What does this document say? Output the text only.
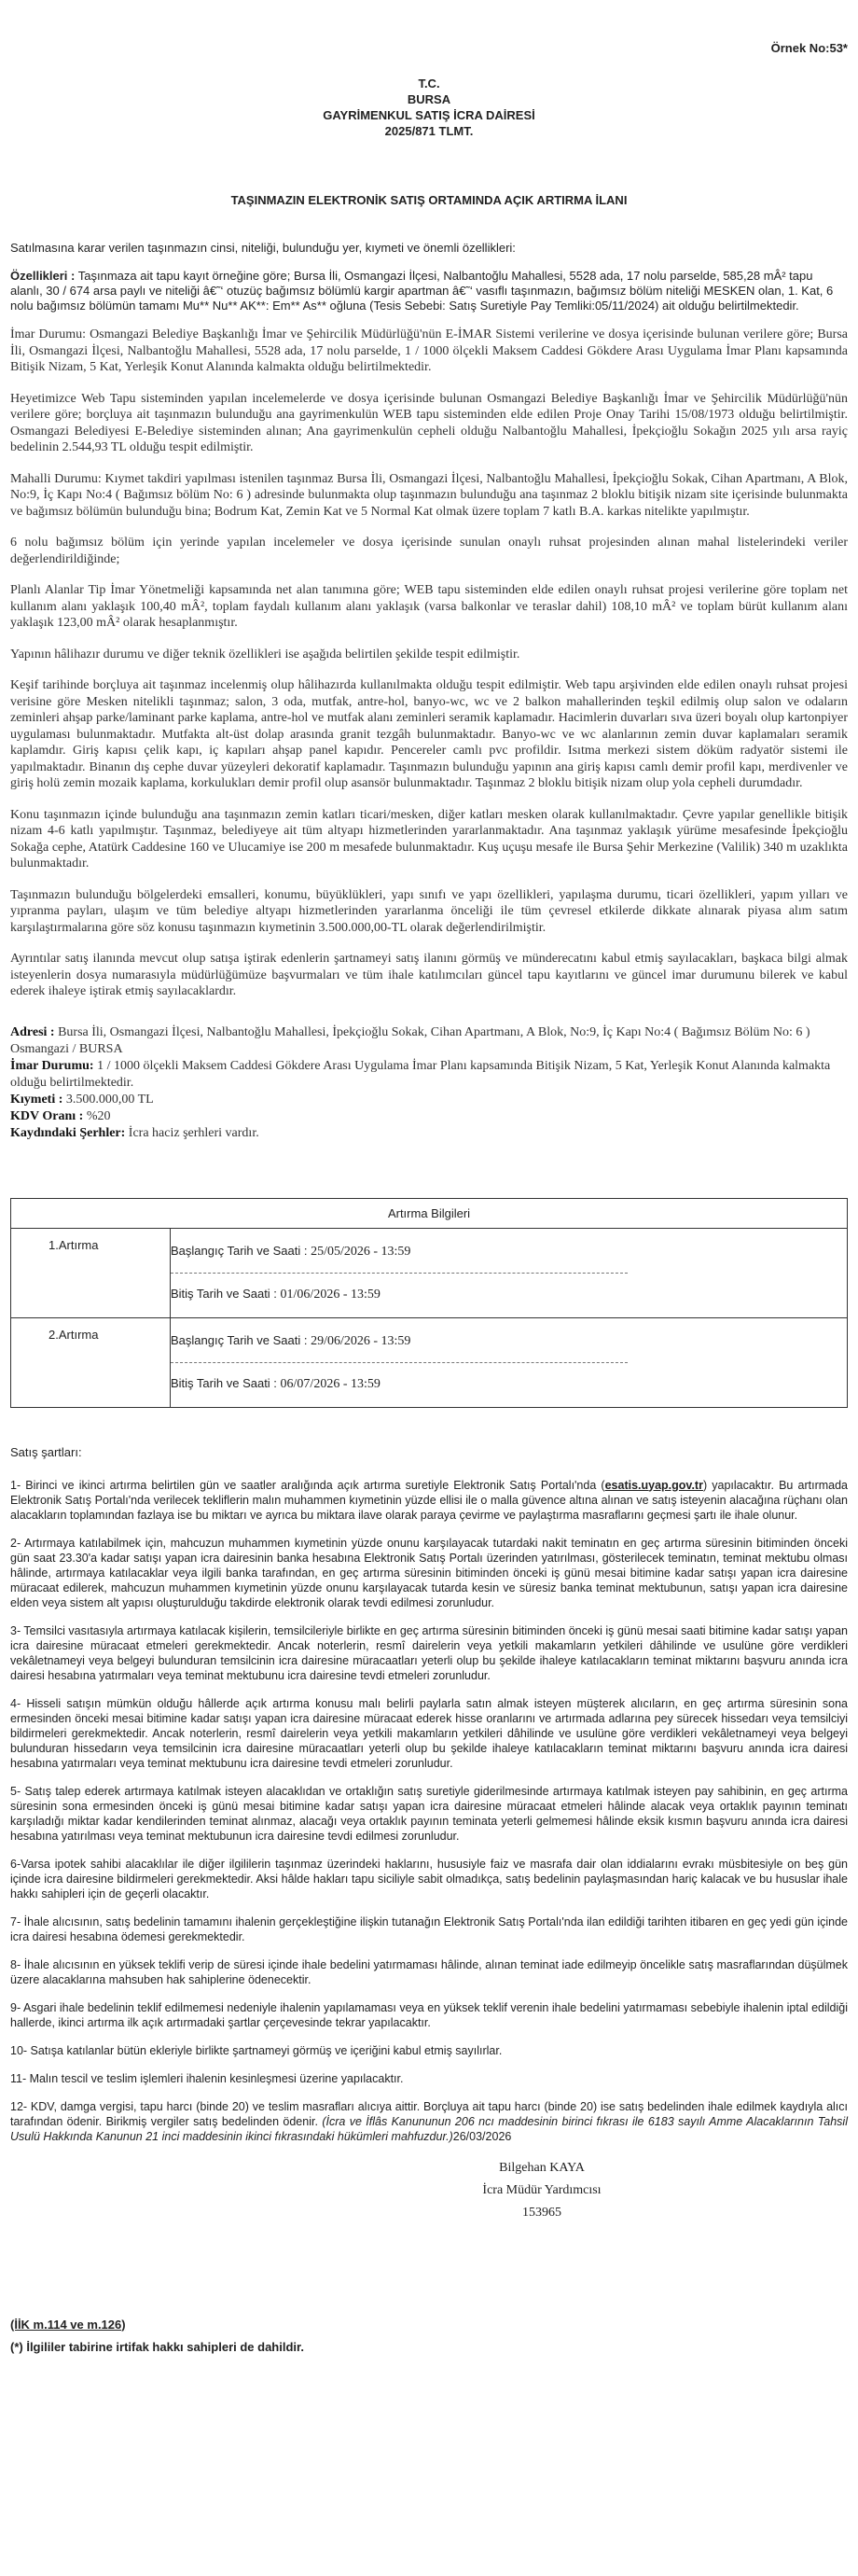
Örnek No:53*
T.C.
BURSA
GAYRİMENKUL SATIŞ İCRA DAİRESİ
2025/871 TLMT.
TAŞINMAZIN ELEKTRONİK SATIŞ ORTAMINDA AÇIK ARTIRMA İLANI
Satılmasına karar verilen taşınmazın cinsi, niteliği, bulunduğu yer, kıymeti ve önemli özellikleri:
Özellikleri : Taşınmaza ait tapu kayıt örneğine göre; Bursa İli, Osmangazi İlçesi, Nalbantoğlu Mahallesi, 5528 ada, 17 nolu parselde, 585,28 mÂ² tapu alanlı, 30 / 674 arsa paylı ve niteliği â€˜‘ otuzüç bağımsız bölümlü kargir apartman â€˜‘ vasıflı taşınmazın, bağımsız bölüm niteliği MESKEN olan, 1. Kat, 6 nolu bağımsız bölümün tamamı Mu** Nu** AK**: Em** As** oğluna (Tesis Sebebi: Satış Suretiyle Pay Temliki:05/11/2024) ait olduğu belirtilmektedir.

İmar Durumu: Osmangazi Belediye Başkanlığı İmar ve Şehircilik Müdürlüğü'nün E-İMAR Sistemi verilerine ve dosya içerisinde bulunan verilere göre; Bursa İli, Osmangazi İlçesi, Nalbantoğlu Mahallesi, 5528 ada, 17 nolu parselde, 1 / 1000 ölçekli Maksem Caddesi Gökdere Arası Uygulama İmar Planı kapsamında Bitişik Nizam, 5 Kat, Yerleşik Konut Alanında kalmakta olduğu belirtilmektedir.

Heyetimizce Web Tapu sisteminden yapılan incelemelerde ve dosya içerisinde bulunan Osmangazi Belediye Başkanlığı İmar ve Şehircilik Müdürlüğü'nün verilere göre; borçluya ait taşınmazın bulunduğu ana gayrimenkulün WEB tapu sisteminden elde edilen Proje Onay Tarihi 15/08/1973 olduğu belirtilmiştir. Osmangazi Belediyesi E-Belediye sisteminden alınan; Ana gayrimenkulün cepheli olduğu Nalbantoğlu Mahallesi, İpekçioğlu Sokağın 2025 yılı arsa rayiç bedelinin 2.544,93 TL olduğu tespit edilmiştir.

Mahalli Durumu: Kıymet takdiri yapılması istenilen taşınmaz Bursa İli, Osmangazi İlçesi, Nalbantoğlu Mahallesi, İpekçioğlu Sokak, Cihan Apartmanı, A Blok, No:9, İç Kapı No:4 ( Bağımsız bölüm No: 6 ) adresinde bulunmakta olup taşınmazın bulunduğu ana taşınmaz 2 bloklu bitişik nizam site içerisinde bulunmakta ve bağımsız bölümün bulunduğu bina; Bodrum Kat, Zemin Kat ve 5 Normal Kat olmak üzere toplam 7 katlı B.A. karkas nitelikte yapılmıştır.

6 nolu bağımsız bölüm için yerinde yapılan incelemeler ve dosya içerisinde sunulan onaylı ruhsat projesinden alınan mahal listelerindeki veriler değerlendirildiğinde;

Planlı Alanlar Tip İmar Yönetmeliği kapsamında net alan tanımına göre; WEB tapu sisteminden elde edilen onaylı ruhsat projesi verilerine göre toplam net kullanım alanı yaklaşık 100,40 mÂ², toplam faydalı kullanım alanı yaklaşık (varsa balkonlar ve teraslar dahil) 108,10 mÂ² ve toplam bürüt kullanım alanı yaklaşık 123,00 mÂ² olarak hesaplanmıştır.

Yapının hâlihazır durumu ve diğer teknik özellikleri ise aşağıda belirtilen şekilde tespit edilmiştir.

Keşif tarihinde borçluya ait taşınmaz incelenmiş olup hâlihazırda kullanılmakta olduğu tespit edilmiştir. Web tapu arşivinden elde edilen onaylı ruhsat projesi verisine göre Mesken nitelikli taşınmaz; salon, 3 oda, mutfak, antre-hol, banyo-wc, wc ve 2 balkon mahallerinden teşkil edilmiş olup salon ve odaların zeminleri ahşap parke/laminant parke kaplama, antre-hol ve mutfak alanı zeminleri seramik kaplamadır. Hacimlerin duvarları sıva üzeri boyalı olup kartonpiyer uygulaması bulunmaktadır. Mutfakta alt-üst dolap arasında granit tezgâh bulunmaktadır. Banyo-wc ve wc alanlarının zemin duvar kaplamaları seramik kaplamdır. Giriş kapısı çelik kapı, iç kapıları ahşap panel kapıdır. Pencereler camlı pvc profildir. Isıtma merkezi sistem döküm radyatör sistemi ile yapılmaktadır. Binanın dış cephe duvar yüzeyleri dekoratif kaplamadır. Taşınmazın bulunduğu yapının ana giriş kapısı camlı demir profil kapı, merdivenler ve giriş holü zemin mozaik kaplama, korkulukları demir profil olup asansör bulunmaktadır. Taşınmaz 2 bloklu bitişik nizam olup yola cepheli durumdadır.

Konu taşınmazın içinde bulunduğu ana taşınmazın zemin katları ticari/mesken, diğer katları mesken olarak kullanılmaktadır. Çevre yapılar genellikle bitişik nizam 4-6 katlı yapılmıştır. Taşınmaz, belediyeye ait tüm altyapı hizmetlerinden yararlanmaktadır. Ana taşınmaz yaklaşık yürüme mesafesinde İpekçioğlu Sokağa cephe, Atatürk Caddesine 160 ve Ulucamiye ise 200 m mesafede bulunmaktadır. Kuş uçuşu mesafe ile Bursa Şehir Merkezine (Valilik) 340 m uzaklıkta bulunmaktadır.

Taşınmazın bulunduğu bölgelerdeki emsalleri, konumu, büyüklükleri, yapı sınıfı ve yapı özellikleri, yapılaşma durumu, ticari özellikleri, yapım yılları ve yıpranma payları, ulaşım ve tüm belediye altyapı hizmetlerinden yararlanma önceliği ile tüm çevresel etkilerde dikkate alınarak piyasa alım satım karşılaştırmalarına göre söz konusu taşınmazın kıymetinin 3.500.000,00-TL olarak değerlendirilmiştir.

Ayrıntılar satış ilanında mevcut olup satışa iştirak edenlerin şartnameyi satış ilanını görmüş ve münderecatını kabul etmiş sayılacakları, başkaca bilgi almak isteyenlerin dosya numarasıyla müdürlüğümüze başvurmaları ve tüm ihale katılımcıları güncel tapu kayıtlarını ve güncel imar durumunu bilerek ve kabul ederek ihaleye iştirak etmiş sayılacaklardır.

Adresi : Bursa İli, Osmangazi İlçesi, Nalbantoğlu Mahallesi, İpekçioğlu Sokak, Cihan Apartmanı, A Blok, No:9, İç Kapı No:4 ( Bağımsız Bölüm No: 6 ) Osmangazi / BURSA
İmar Durumu: 1 / 1000 ölçekli Maksem Caddesi Gökdere Arası Uygulama İmar Planı kapsamında Bitişik Nizam, 5 Kat, Yerleşik Konut Alanında kalmakta olduğu belirtilmektedir.
Kıymeti : 3.500.000,00 TL
KDV Oranı : %20
Kaydındaki Şerhler: İcra haciz şerhleri vardır.
Artırma Bilgileri	
1.Artırma	Başlangıç Tarih ve Saati : 25/05/2026 - 13:59
Bitiş Tarih ve Saati : 01/06/2026 - 13:59

2.Artırma	Başlangıç Tarih ve Saati : 29/06/2026 - 13:59
Bitiş Tarih ve Saati : 06/07/2026 - 13:59
Satış şartları:
1- Birinci ve ikinci artırma belirtilen gün ve saatler aralığında açık artırma suretiyle Elektronik Satış Portalı'nda (esatis.uyap.gov.tr) yapılacaktır. Bu artırmada Elektronik Satış Portalı'nda verilecek tekliflerin malın muhammen kıymetinin yüzde ellisi ile o malla güvence altına alınan ve satış isteyenin alacağına rüçhanı olan alacakların toplamından fazlaya ise bu miktarı ve ayrıca bu miktara ilave olarak paraya çevirme ve paylaştırma masraflarını geçmesi şartı ile ihale olunur.
2- Artırmaya katılabilmek için, mahcuzun muhammen kıymetinin yüzde onunu karşılayacak tutardaki nakit teminatın en geç artırma süresinin bitiminden önceki gün saat 23.30'a kadar satışı yapan icra dairesinin banka hesabına Elektronik Satış Portalı üzerinden yatırılması, gösterilecek teminatın, teminat mektubu olması hâlinde, artırmaya katılacaklar veya ilgili banka tarafından, en geç artırma süresinin bitiminden önceki iş günü mesai bitimine kadar satışı yapan icra dairesine müracaat edilerek, mahcuzun muhammen kıymetinin yüzde onunu karşılayacak tutarda kesin ve süresiz banka teminat mektubunun, satışı yapan icra dairesine elden veya sistem alt yapısı oluşturulduğu takdirde elektronik olarak tevdi edilmesi zorunludur.
3- Temsilci vasıtasıyla artırmaya katılacak kişilerin, temsilcileriyle birlikte en geç artırma süresinin bitiminden önceki iş günü mesai saati bitimine kadar satışı yapan icra dairesine müracaat etmeleri gerekmektedir. Ancak noterlerin, resmî dairelerin veya yetkili makamların yetkileri dâhilinde ve usulüne göre verdikleri vekâletnameyi veya belgeyi bulunduran temsilcinin icra dairesine müracaatları yeterli olup bu şekilde ihaleye katılacakların teminat miktarını başvuru anında icra dairesi hesabına yatırmaları veya teminat mektubunu icra dairesine tevdi etmeleri zorunludur.
4- Hisseli satışın mümkün olduğu hâllerde açık artırma konusu malı belirli paylarla satın almak isteyen müşterek alıcıların, en geç artırma süresinin sona ermesinden önceki mesai bitimine kadar satışı yapan icra dairesine müracaat ederek hisse oranlarını ve artırmada adlarına pey sürecek hissedarı veya temsilciyi bildirmeleri gerekmektedir. Ancak noterlerin, resmî dairelerin veya yetkili makamların yetkileri dâhilinde ve usulüne göre verdikleri vekâletnameyi veya belgeyi bulunduran hissedarın veya temsilcinin icra dairesine müracaatları yeterli olup bu şekilde ihaleye katılacakların teminat miktarını başvuru anında icra dairesi hesabına yatırmaları veya teminat mektubunu icra dairesine tevdi etmeleri zorunludur.
5- Satış talep ederek artırmaya katılmak isteyen alacaklıdan ve ortaklığın satış suretiyle giderilmesinde artırmaya katılmak isteyen pay sahibinin, en geç artırma süresinin sona ermesinden önceki iş günü mesai bitimine kadar satışı yapan icra dairesine müracaat etmeleri hâlinde alacak veya ortaklık payının teminatı karşıladığı miktar kadar kendilerinden teminat alınmaz, alacağı veya ortaklık payının teminata yeterli gelmemesi hâlinde eksik kısmın başvuru anında icra dairesi hesabına yatırılması veya teminat mektubunun icra dairesine tevdi edilmesi zorunludur.
6-Varsa ipotek sahibi alacaklılar ile diğer ilgililerin taşınmaz üzerindeki haklarını, hususiyle faiz ve masrafa dair olan iddialarını evrakı müsbitesiyle on beş gün içinde icra dairesine bildirmeleri gerekmektedir. Aksi hâlde hakları tapu siciliyle sabit olmadıkça, satış bedelinin paylaşmasından hariç kalacak ve bu hususlar ihale hakkı sahipleri için de geçerli olacaktır.
7- İhale alıcısının, satış bedelinin tamamını ihalenin gerçekleştiğine ilişkin tutanağın Elektronik Satış Portalı'nda ilan edildiği tarihten itibaren en geç yedi gün içinde icra dairesi hesabına ödemesi gerekmektedir.
8- İhale alıcısının en yüksek teklifi verip de süresi içinde ihale bedelini yatırmaması hâlinde, alınan teminat iade edilmeyip öncelikle satış masraflarından düşülmek üzere alacaklarına mahsuben hak sahiplerine ödenecektir.
9- Asgari ihale bedelinin teklif edilmemesi nedeniyle ihalenin yapılamaması veya en yüksek teklif verenin ihale bedelini yatırmaması sebebiyle ihalenin iptal edildiği hallerde, ikinci artırma ilk açık artırmadaki şartlar çerçevesinde tekrar yapılacaktır.
10- Satışa katılanlar bütün ekleriyle birlikte şartnameyi görmüş ve içeriğini kabul etmiş sayılırlar.
11- Malın tescil ve teslim işlemleri ihalenin kesinleşmesi üzerine yapılacaktır.
12- KDV, damga vergisi, tapu harcı (binde 20) ve teslim masrafları alıcıya aittir. Borçluya ait tapu harcı (binde 20) ise satış bedelinden ihale edilmek kaydıyla alıcı tarafından ödenir. Birikmiş vergiler satış bedelinden ödenir. (İcra ve İflâs Kanununun 206 ncı maddesinin birinci fıkrası ile 6183 sayılı Amme Alacaklarının Tahsil Usulü Hakkında Kanunun 21 inci maddesinin ikinci fıkrasındaki hükümleri mahfuzdur.)26/03/2026
Bilgehan KAYA
İcra Müdür Yardımcısı
153965
(İİK m.114 ve m.126)
(*) İlgililer tabirine irtifak hakkı sahipleri de dahildir.
